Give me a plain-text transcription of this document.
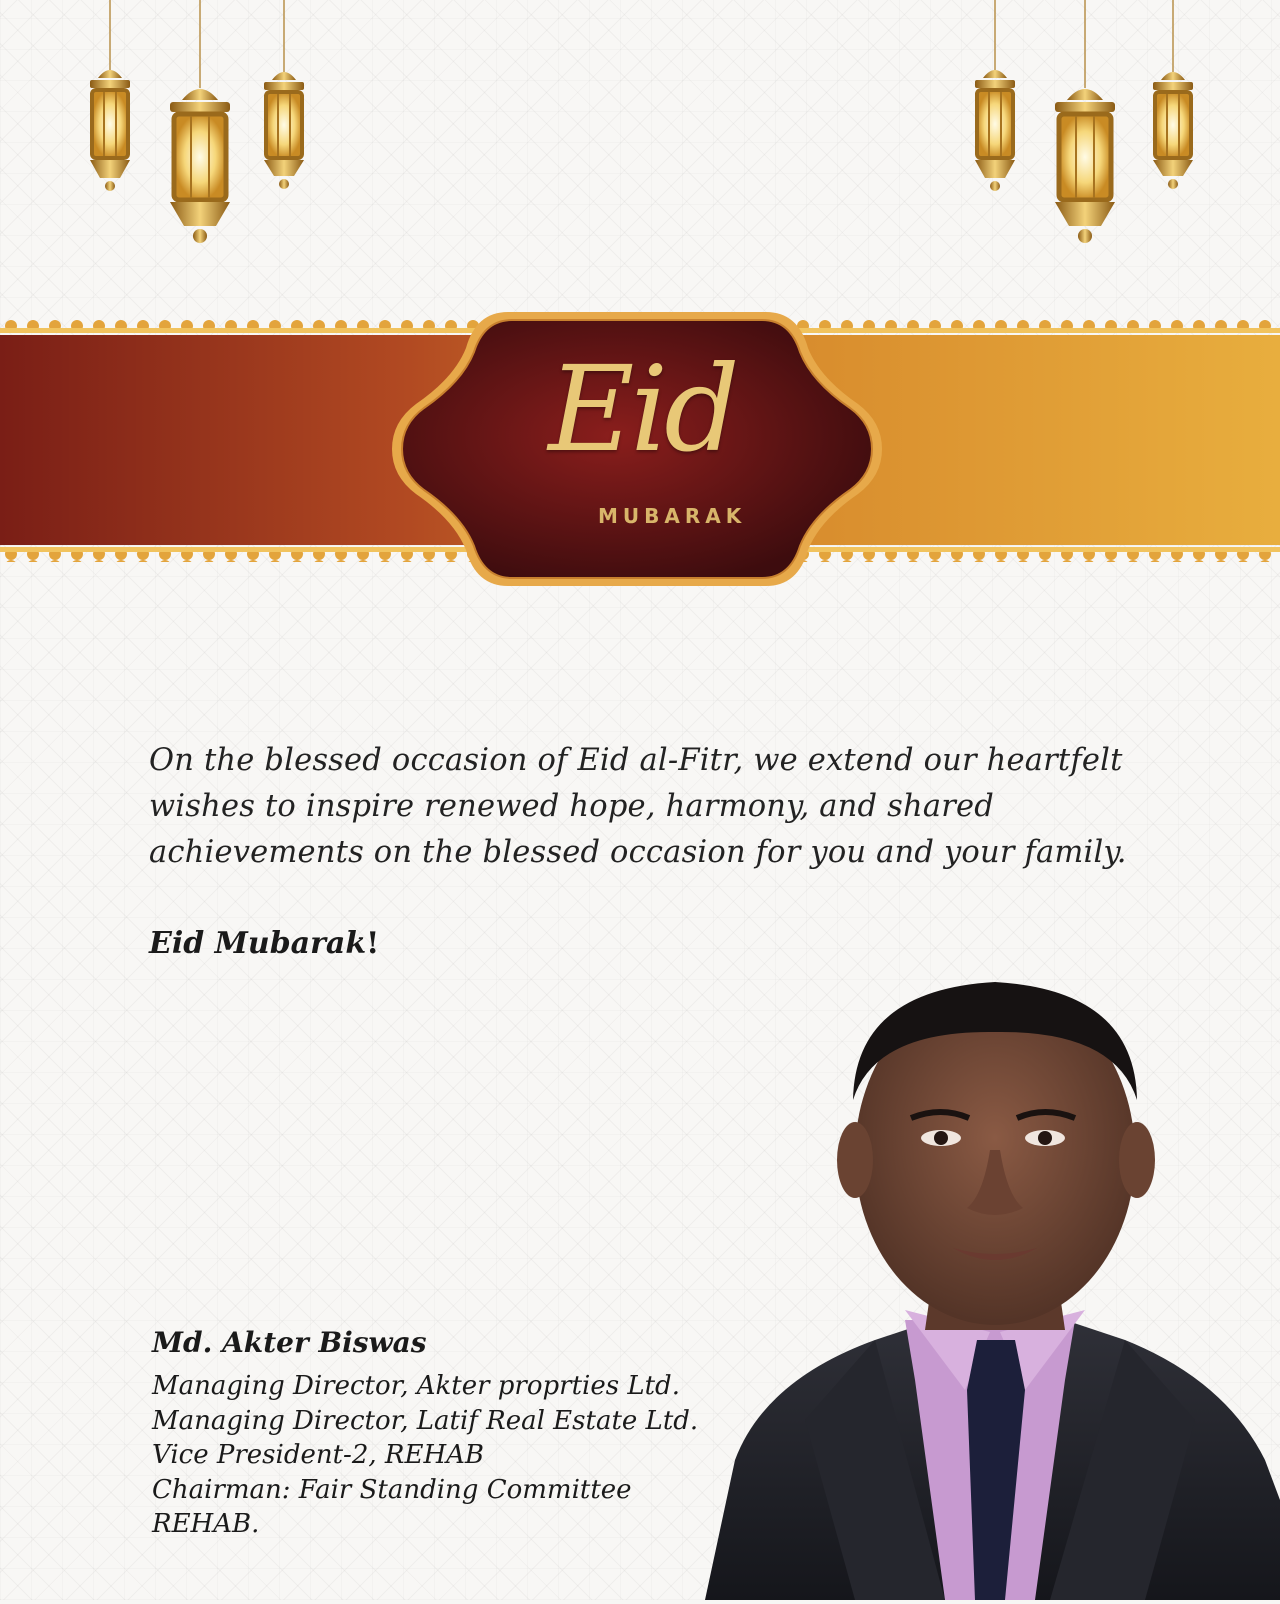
Eid
MUBARAK
On the blessed occasion of Eid al-Fitr, we extend our heartfelt
wishes to inspire renewed hope, harmony, and shared
achievements on the blessed occasion for you and your family.
Eid Mubarak!
Md. Akter Biswas
Managing Director, Akter proprties Ltd.
Managing Director, Latif Real Estate Ltd.
Vice President-2, REHAB
Chairman: Fair Standing Committee
REHAB.
